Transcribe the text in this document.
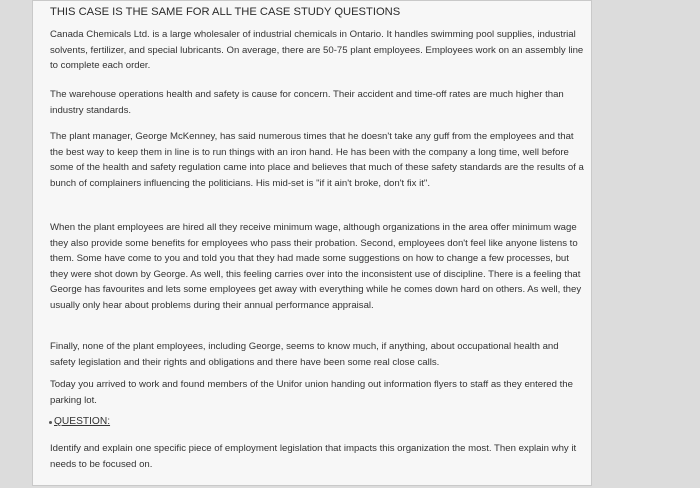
THIS CASE IS THE SAME FOR ALL THE CASE STUDY QUESTIONS

Canada Chemicals Ltd. is a large wholesaler of industrial chemicals in Ontario. It handles swimming pool supplies, industrial solvents, fertilizer, and special lubricants. On average, there are 50-75 plant employees. Employees work on an assembly line to complete each order.

The warehouse operations health and safety is cause for concern. Their accident and time-off rates are much higher than industry standards.

The plant manager, George McKenney, has said numerous times that he doesn't take any guff from the employees and that the best way to keep them in line is to run things with an iron hand. He has been with the company a long time, well before some of the health and safety regulation came into place and believes that much of these safety standards are the results of a bunch of complainers influencing the politicians. His mid-set is "if it ain't broke, don't fix it".

When the plant employees are hired all they receive minimum wage, although organizations in the area offer minimum wage they also provide some benefits for employees who pass their probation. Second, employees don't feel like anyone listens to them. Some have come to you and told you that they had made some suggestions on how to change a few processes, but they were shot down by George. As well, this feeling carries over into the inconsistent use of discipline. There is a feeling that George has favourites and lets some employees get away with everything while he comes down hard on others. As well, they usually only hear about problems during their annual performance appraisal.

Finally, none of the plant employees, including George, seems to know much, if anything, about occupational health and safety legislation and their rights and obligations and there have been some real close calls.

Today you arrived to work and found members of the Unifor union handing out information flyers to staff as they entered the parking lot.

QUESTION:

Identify and explain one specific piece of employment legislation that impacts this organization the most. Then explain why it needs to be focused on.
